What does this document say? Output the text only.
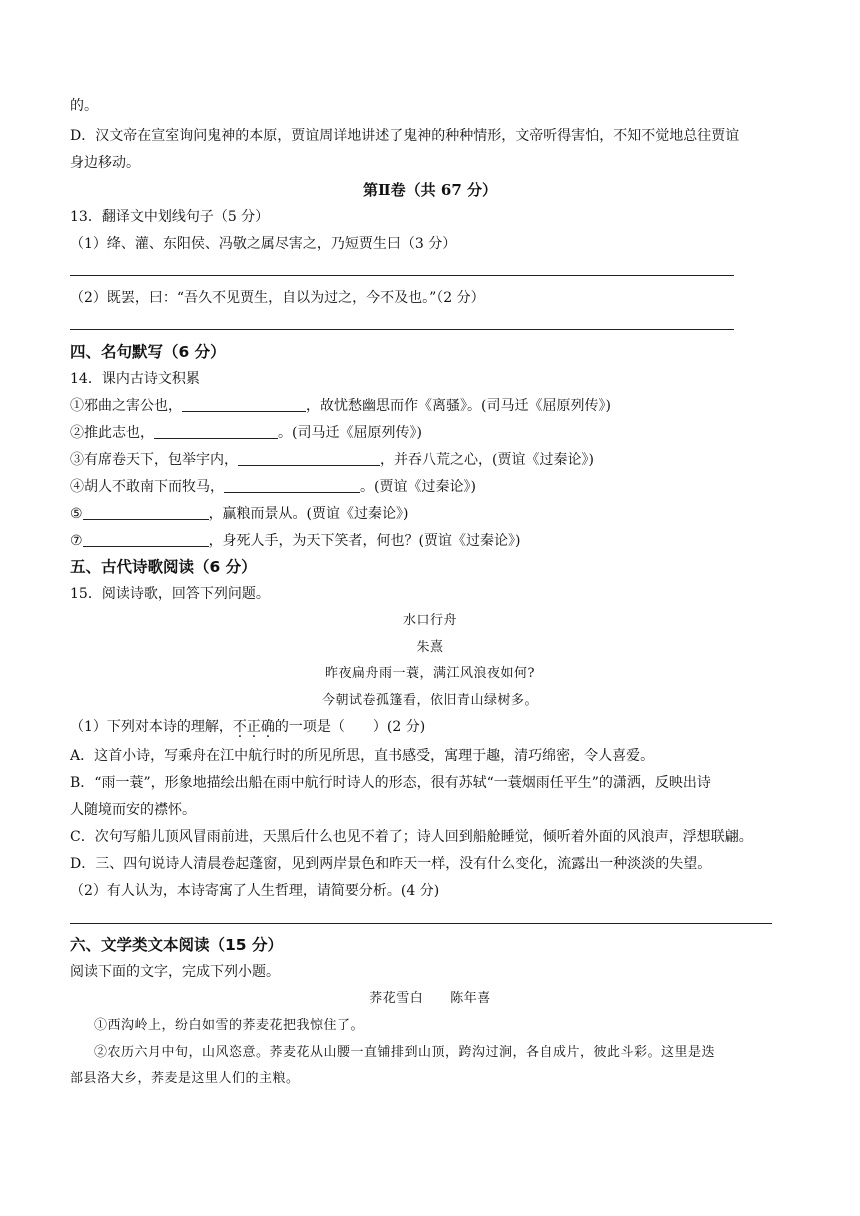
的。
D．汉文帝在宣室询问鬼神的本原，贾谊周详地讲述了鬼神的种种情形，文帝听得害怕，不知不觉地总往贾谊
身边移动。
第Ⅱ卷（共 67 分）
13．翻译文中划线句子（5 分）
（1）绛、灌、东阳侯、冯敬之属尽害之，乃短贾生曰（3 分）
（2）既罢，曰：“吾久不见贾生，自以为过之，今不及也。”（2 分）
四、名句默写（6 分）
14．课内古诗文积累
①邪曲之害公也，	，故忧愁幽思而作《离骚》。(司马迁《屈原列传》)
②推此志也，	。(司马迁《屈原列传》)
③有席卷天下，包举宇内，	，并吞八荒之心，(贾谊《过秦论》)
④胡人不敢南下而牧马，	。(贾谊《过秦论》)
⑤	，赢粮而景从。(贾谊《过秦论》)
⑦	，身死人手，为天下笑者，何也？(贾谊《过秦论》)
五、古代诗歌阅读（6 分）
15．阅读诗歌，回答下列问题。
水口行舟
朱熹
昨夜扁舟雨一蓑，满江风浪夜如何?
今朝试卷孤篷看，依旧青山绿树多。
（1）下列对本诗的理解，不正确的一项是（　　）(2 分)
A．这首小诗，写乘舟在江中航行时的所见所思，直书感受，寓理于趣，清巧绵密，令人喜爱。
B．“雨一蓑”，形象地描绘出船在雨中航行时诗人的形态，很有苏轼“一蓑烟雨任平生”的潇洒，反映出诗
人随境而安的襟怀。
C．次句写船儿顶风冒雨前进，天黑后什么也见不着了；诗人回到船舱睡觉，倾听着外面的风浪声，浮想联翩。
D．三、四句说诗人清晨卷起蓬窗，见到两岸景色和昨天一样，没有什么变化，流露出一种淡淡的失望。
（2）有人认为，本诗寄寓了人生哲理，请简要分析。(4 分)
六、文学类文本阅读（15 分）
阅读下面的文字，完成下列小题。
荞花雪白　　陈年喜
①西沟岭上，纷白如雪的荞麦花把我惊住了。
②农历六月中旬，山风恣意。荞麦花从山腰一直铺排到山顶，跨沟过涧，各自成片，彼此斗彩。这里是迭
部县洛大乡，荞麦是这里人们的主粮。
